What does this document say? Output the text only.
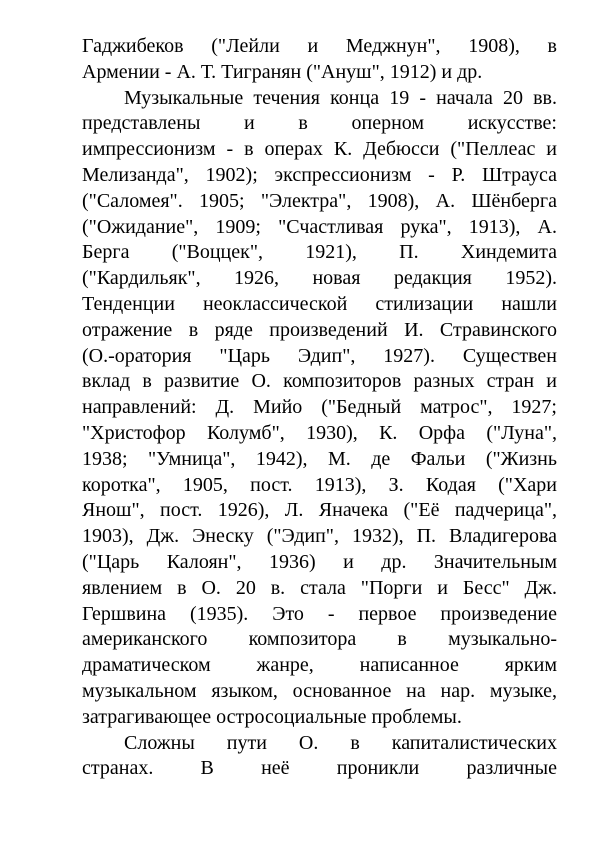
Гаджибеков ("Лейли и Меджнун", 1908), в
Армении - А. Т. Тигранян ("Ануш", 1912) и др.
Музыкальные течения конца 19 - начала 20 вв.
представлены и в оперном искусстве:
импрессионизм - в операх К. Дебюсси ("Пеллеас и
Мелизанда", 1902); экспрессионизм - Р. Штрауса
("Саломея". 1905; "Электра", 1908), А. Шёнберга
("Ожидание", 1909; "Счастливая рука", 1913), А.
Берга ("Воццек", 1921), П. Хиндемита
("Кардильяк", 1926, новая редакция 1952).
Тенденции неоклассической стилизации нашли
отражение в ряде произведений И. Стравинского
(О.-оратория "Царь Эдип", 1927). Существен
вклад в развитие О. композиторов разных стран и
направлений: Д. Мийо ("Бедный матрос", 1927;
"Христофор Колумб", 1930), К. Орфа ("Луна",
1938; "Умница", 1942), М. де Фальи ("Жизнь
коротка", 1905, пост. 1913), З. Кодая ("Хари
Янош", пост. 1926), Л. Яначека ("Её падчерица",
1903), Дж. Энеску ("Эдип", 1932), П. Владигерова
("Царь Калоян", 1936) и др. Значительным
явлением в О. 20 в. стала "Порги и Бесс" Дж.
Гершвина (1935). Это - первое произведение
американского композитора в музыкально-
драматическом жанре, написанное ярким
музыкальном языком, основанное на нар. музыке,
затрагивающее остросоциальные проблемы.
Сложны пути О. в капиталистических
странах. В неё проникли различные
